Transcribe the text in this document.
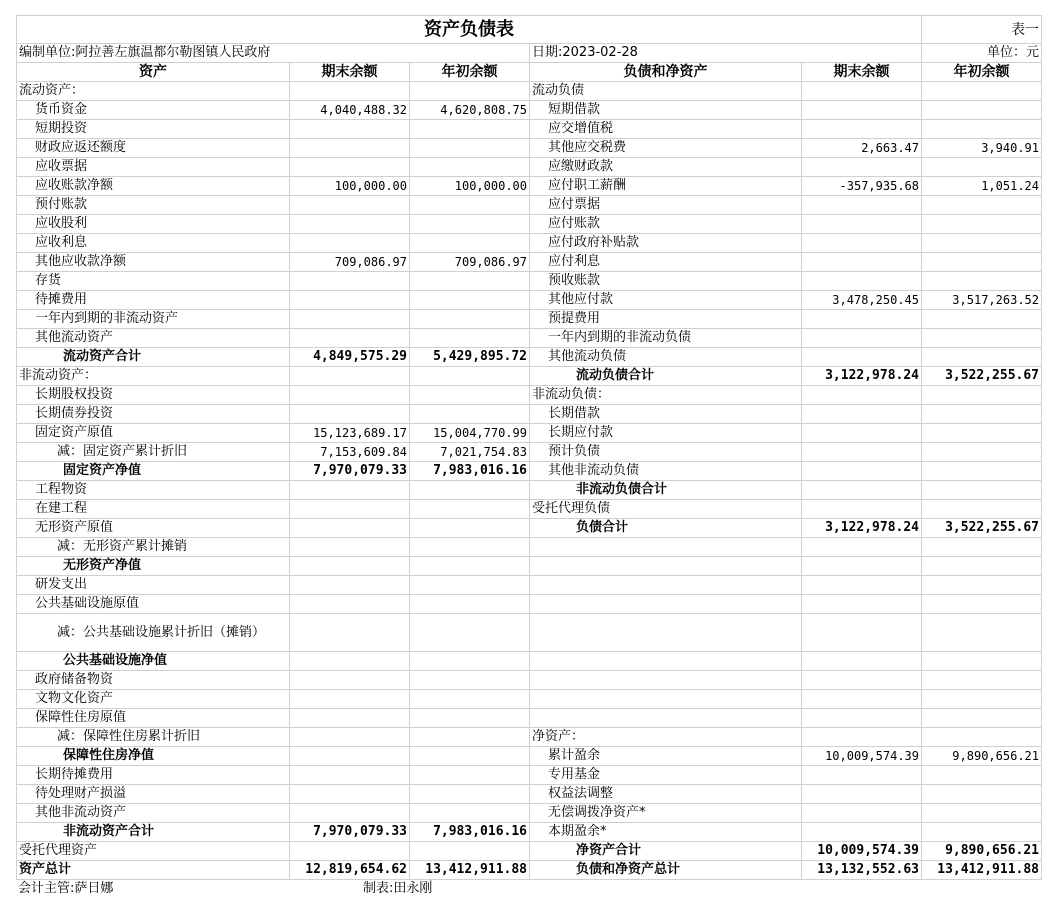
资产负债表					表一
编制单位:阿拉善左旗温都尔勒图镇人民政府			日期:2023-02-28		单位：元
资产	期末余额	年初余额	负债和净资产	期末余额	年初余额
流动资产：			流动负债		
货币资金	4,040,488.32	4,620,808.75	短期借款		
短期投资			应交增值税		
财政应返还额度			其他应交税费	2,663.47	3,940.91
应收票据			应缴财政款		
应收账款净额	100,000.00	100,000.00	应付职工薪酬	-357,935.68	1,051.24
预付账款			应付票据		
应收股利			应付账款		
应收利息			应付政府补贴款		
其他应收款净额	709,086.97	709,086.97	应付利息		
存货			预收账款		
待摊费用			其他应付款	3,478,250.45	3,517,263.52
一年内到期的非流动资产			预提费用		
其他流动资产			一年内到期的非流动负债		
流动资产合计	4,849,575.29	5,429,895.72	其他流动负债		
非流动资产：			流动负债合计	3,122,978.24	3,522,255.67
长期股权投资			非流动负债：		
长期债券投资			长期借款		
固定资产原值	15,123,689.17	15,004,770.99	长期应付款		
减：固定资产累计折旧	7,153,609.84	7,021,754.83	预计负债		
固定资产净值	7,970,079.33	7,983,016.16	其他非流动负债		
工程物资			非流动负债合计		
在建工程			受托代理负债		
无形资产原值			负债合计	3,122,978.24	3,522,255.67
减：无形资产累计摊销					
无形资产净值					
研发支出					
公共基础设施原值					
减：公共基础设施累计折旧（摊销）					
公共基础设施净值					
政府储备物资					
文物文化资产					
保障性住房原值					
减：保障性住房累计折旧			净资产：		
保障性住房净值			累计盈余	10,009,574.39	9,890,656.21
长期待摊费用			专用基金		
待处理财产损溢			权益法调整		
其他非流动资产			无偿调拨净资产*		
非流动资产合计	7,970,079.33	7,983,016.16	本期盈余*		
受托代理资产			净资产合计	10,009,574.39	9,890,656.21
资产总计	12,819,654.62	13,412,911.88	负债和净资产总计	13,132,552.63	13,412,911.88
会计主管:萨日娜	制表:田永刚
